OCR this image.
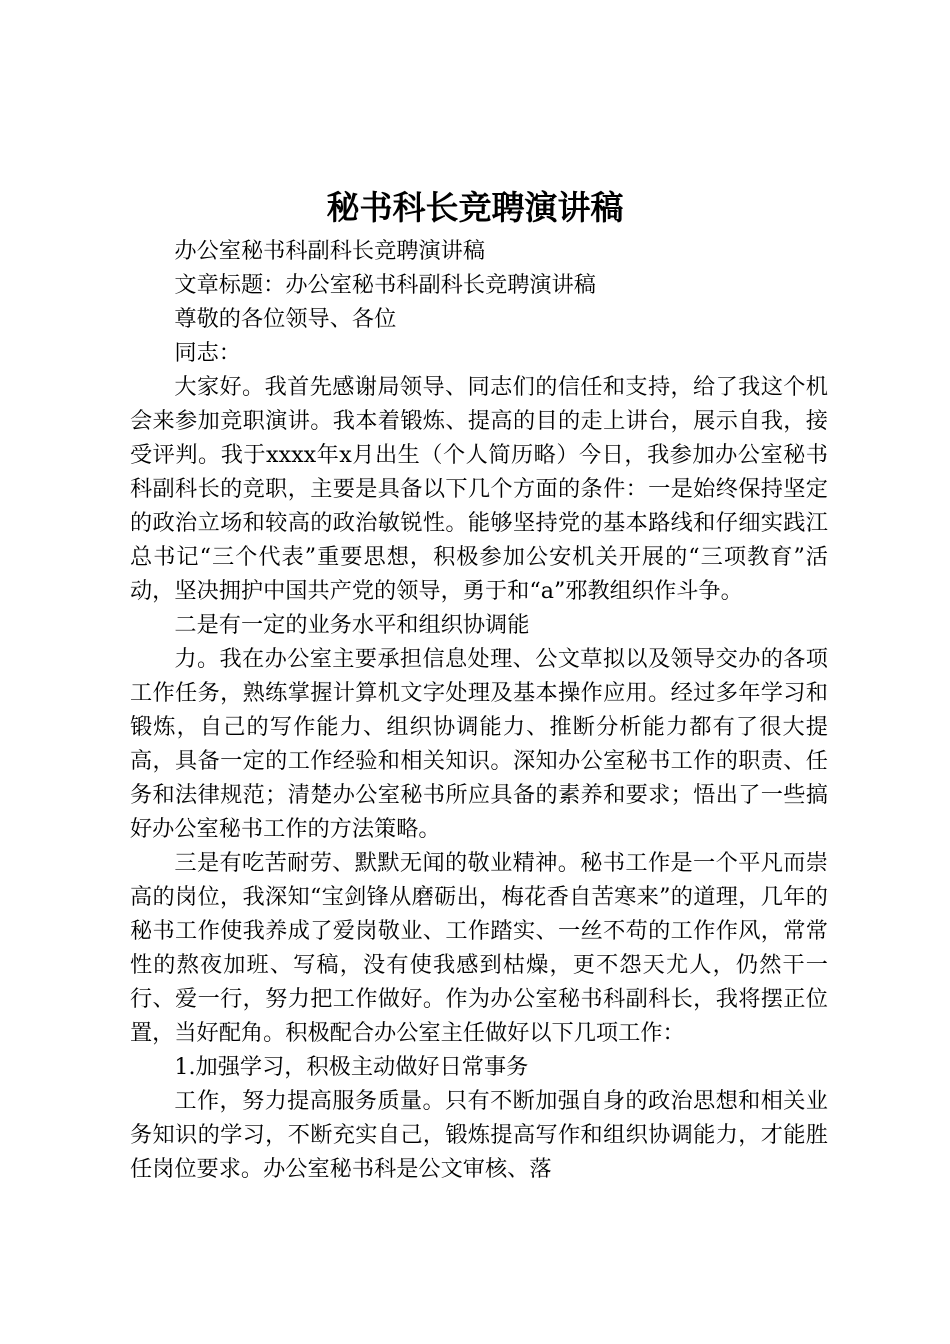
秘书科长竞聘演讲稿

办公室秘书科副科长竞聘演讲稿

文章标题：办公室秘书科副科长竞聘演讲稿

尊敬的各位领导、各位

同志：

大家好。我首先感谢局领导、同志们的信任和支持，给了我这个机会来参加竞职演讲。我本着锻炼、提高的目的走上讲台，展示自我，接受评判。我于xxxx年x月出生（个人简历略）今日，我参加办公室秘书科副科长的竞职，主要是具备以下几个方面的条件：一是始终保持坚定的政治立场和较高的政治敏锐性。能够坚持党的基本路线和仔细实践江总书记“三个代表”重要思想，积极参加公安机关开展的“三项教育”活动，坚决拥护中国共产党的领导，勇于和“a”邪教组织作斗争。

二是有一定的业务水平和组织协调能

力。我在办公室主要承担信息处理、公文草拟以及领导交办的各项工作任务，熟练掌握计算机文字处理及基本操作应用。经过多年学习和锻炼，自己的写作能力、组织协调能力、推断分析能力都有了很大提高，具备一定的工作经验和相关知识。深知办公室秘书工作的职责、任务和法律规范；清楚办公室秘书所应具备的素养和要求；悟出了一些搞好办公室秘书工作的方法策略。

三是有吃苦耐劳、默默无闻的敬业精神。秘书工作是一个平凡而崇高的岗位，我深知“宝剑锋从磨砺出，梅花香自苦寒来”的道理，几年的秘书工作使我养成了爱岗敬业、工作踏实、一丝不苟的工作作风，常常性的熬夜加班、写稿，没有使我感到枯燥，更不怨天尤人，仍然干一行、爱一行，努力把工作做好。作为办公室秘书科副科长，我将摆正位置，当好配角。积极配合办公室主任做好以下几项工作：

1.加强学习，积极主动做好日常事务

工作，努力提高服务质量。只有不断加强自身的政治思想和相关业务知识的学习，不断充实自己，锻炼提高写作和组织协调能力，才能胜任岗位要求。办公室秘书科是公文审核、落
